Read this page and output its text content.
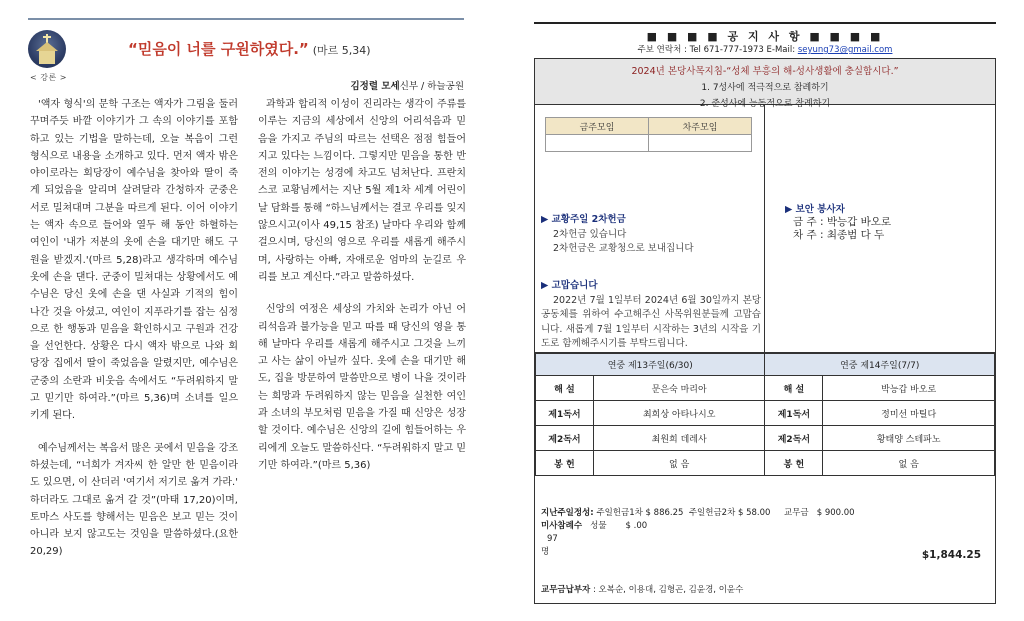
< 강론 >
“믿음이 너를 구원하였다.” (마르 5,34)
김정렬 모세신부 / 하늘공원

'액자 형식'의 문학 구조는 액자가 그림을 둘러 꾸며주듯 바깥 이야기가 그 속의 이야기를 포함하고 있는 기법을 말하는데, 오늘 복음이 그런 형식으로 내용을 소개하고 있다. 먼저 액자 밖은 야이로라는 회당장이 예수님을 찾아와 딸이 죽게 되었음을 알리며 살려달라 간청하자 군중은 서로 밀쳐대며 그분을 따르게 된다. 이어 이야기는 액자 속으로 들어와 열두 해 동안 하혈하는 여인이 '내가 저분의 옷에 손을 대기만 해도 구원을 받겠지.'(마르 5,28)라고 생각하며 예수님 옷에 손을 댄다. 군중이 밀쳐대는 상황에서도 예수님은 당신 옷에 손을 댄 사실과 기적의 힘이 나간 것을 아셨고, 여인이 지푸라기를 잡는 심정으로 한 행동과 믿음을 확인하시고 구원과 건강을 선언한다. 상황은 다시 액자 밖으로 나와 회당장 집에서 딸이 죽었음을 알렸지만, 예수님은 군중의 소란과 비웃음 속에서도 “두려워하지 말고 믿기만 하여라.”(마르 5,36)며 소녀를 일으키게 된다.

예수님께서는 복음서 많은 곳에서 믿음을 강조하셨는데, “너희가 겨자씨 한 알만 한 믿음이라도 있으면, 이 산더러 '여기서 저기로 옮겨 가라.' 하더라도 그대로 옮겨 갈 것”(마태 17,20)이며, 토마스 사도를 향해서는 믿음은 보고 믿는 것이 아니라 보지 않고도는 것임을 말씀하셨다.(요한20,29)

과학과 합리적 이성이 진리라는 생각이 주류를 이루는 지금의 세상에서 신앙의 어리석음과 믿음을 가지고 주님의 따르는 선택은 점점 힘들어지고 있다는 느낌이다. 그렇지만 믿음을 통한 반전의 이야기는 성경에 차고도 넘쳐난다. 프란치스코 교황님께서는 지난 5월 제1차 세계 어린이날 담화를 통해 “하느님께서는 결코 우리를 잊지 않으시고(이사 49,15 참조) 날마다 우리와 함께 걸으시며, 당신의 영으로 우리를 새롭게 해주시며, 사랑하는 아빠, 자애로운 엄마의 눈길로 우리를 보고 계신다.”라고 말씀하셨다.

신앙의 여정은 세상의 가치와 논리가 아닌 어리석음과 불가능을 믿고 따를 때 당신의 영을 통해 날마다 우리를 새롭게 해주시고 그것을 느끼고 사는 삶이 아닐까 싶다. 옷에 손을 대기만 해도, 집을 방문하여 말씀만으로 병이 나을 것이라는 희망과 두려워하지 않는 믿음을 실천한 여인과 소녀의 부모처럼 믿음을 가질 때 신앙은 성장할 것이다. 예수님은 신앙의 길에 힘들어하는 우리에게 오늘도 말씀하신다. “두려워하지 말고 믿기만 하여라.”(마르 5,36)

■ ■ ■ ■ 공 지 사 항 ■ ■ ■ ■
주보 연락처 : Tel 671-777-1973 E-Mail: seyung73@gmail.com
2024년 본당사목지침-“성체 부흥의 해-성사생활에 충실합시다.”
1. 7성사에 적극적으로 참례하기
2. 준성사에 능동적으로 참례하기
금주모임	차주모임

▶ 교황주일 2차헌금
2차헌금 있습니다
2차헌금은 교황청으로 보내집니다
▶ 고맙습니다
2022년 7월 1일부터 2024년 6월 30일까지 본당공동체를 위하여 수고해주신 사목위원분들께 고맙습니다. 새롭게 7월 1일부터 시작하는 3년의 시작을 기도로 함께해주시기를 부탁드립니다.
▶ 보안 봉사자
금 주 : 박능갑 바오로
차 주 : 최종범 다 두
연중 제13주일(6/30)		연중 제14주일(7/7)	
해 설	문은숙 마리아	해 설	박능갑 바오로
제1독서	최희상 아타나시오	제1독서	정미선 마틸다
제2독서	최원희 데레사	제2독서	황태양 스테파노
봉 헌	없 음	봉 헌	없 음
지난주일정성: 주일헌금1차 $ 886.25 주일헌금2차 $ 58.00 교무금 $ 900.00
미사참례수 성물 $ .00
97
명	$1,844.25
교무금납부자 : 오복순, 이용대, 김형곤, 김윤경, 이윤수
